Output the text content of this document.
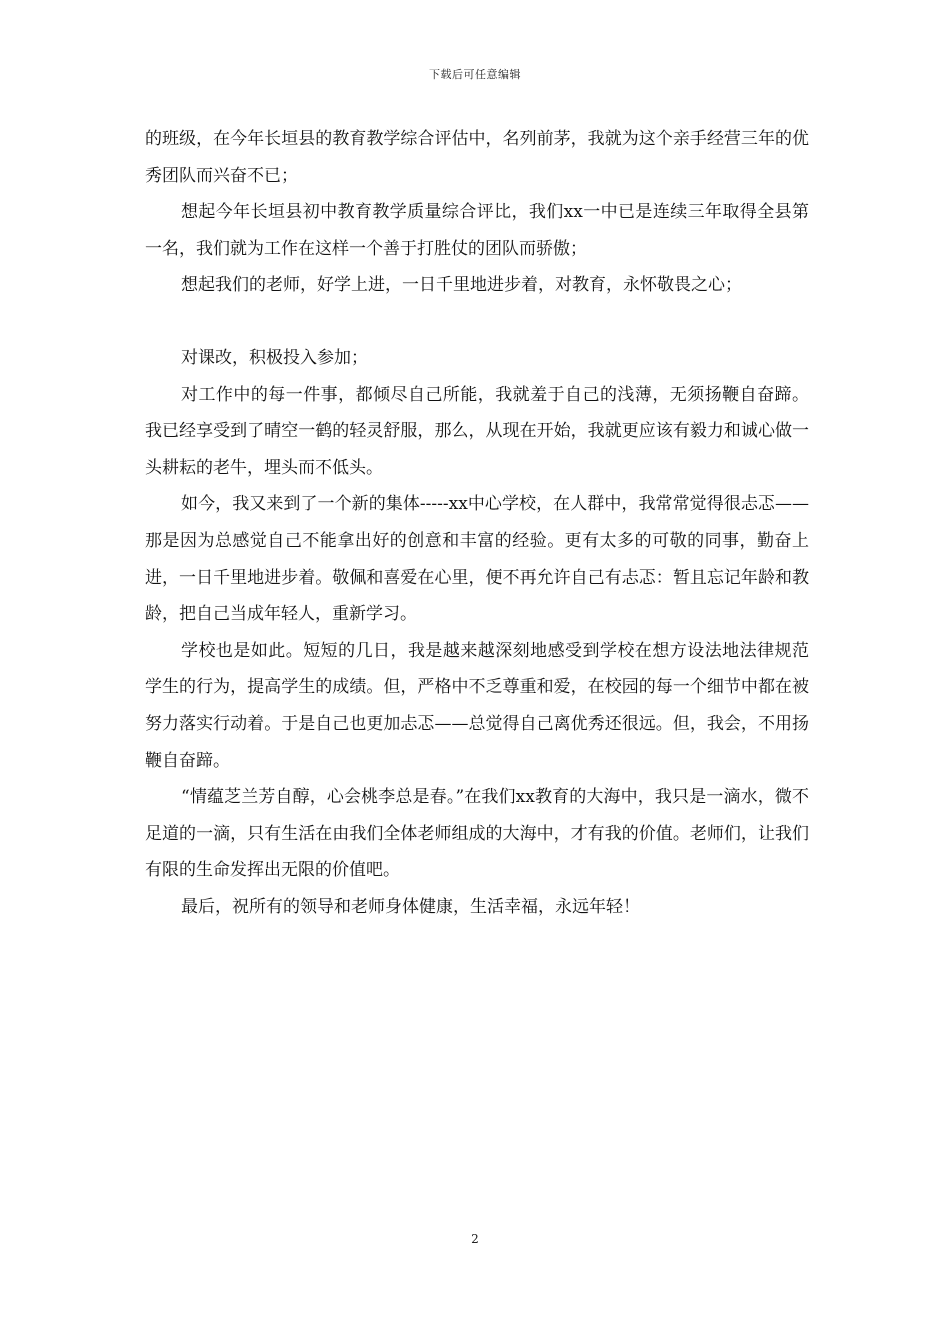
下载后可任意编辑

的班级，在今年长垣县的教育教学综合评估中，名列前茅，我就为这个亲手经营三年的优秀团队而兴奋不已；

想起今年长垣县初中教育教学质量综合评比，我们xx一中已是连续三年取得全县第一名，我们就为工作在这样一个善于打胜仗的团队而骄傲；

想起我们的老师，好学上进，一日千里地进步着，对教育，永怀敬畏之心；

对课改，积极投入参加；

对工作中的每一件事，都倾尽自己所能，我就羞于自己的浅薄，无须扬鞭自奋蹄。我已经享受到了晴空一鹤的轻灵舒服，那么，从现在开始，我就更应该有毅力和诚心做一头耕耘的老牛，埋头而不低头。

如今，我又来到了一个新的集体-----xx中心学校，在人群中，我常常觉得很忐忑——那是因为总感觉自己不能拿出好的创意和丰富的经验。更有太多的可敬的同事，勤奋上进，一日千里地进步着。敬佩和喜爱在心里，便不再允许自己有忐忑：暂且忘记年龄和教龄，把自己当成年轻人，重新学习。

学校也是如此。短短的几日，我是越来越深刻地感受到学校在想方设法地法律规范学生的行为，提高学生的成绩。但，严格中不乏尊重和爱，在校园的每一个细节中都在被努力落实行动着。于是自己也更加忐忑——总觉得自己离优秀还很远。但，我会，不用扬鞭自奋蹄。

“情蕴芝兰芳自醇，心会桃李总是春。”在我们xx教育的大海中，我只是一滴水，微不足道的一滴，只有生活在由我们全体老师组成的大海中，才有我的价值。老师们，让我们有限的生命发挥出无限的价值吧。

最后，祝所有的领导和老师身体健康，生活幸福，永远年轻！

2
